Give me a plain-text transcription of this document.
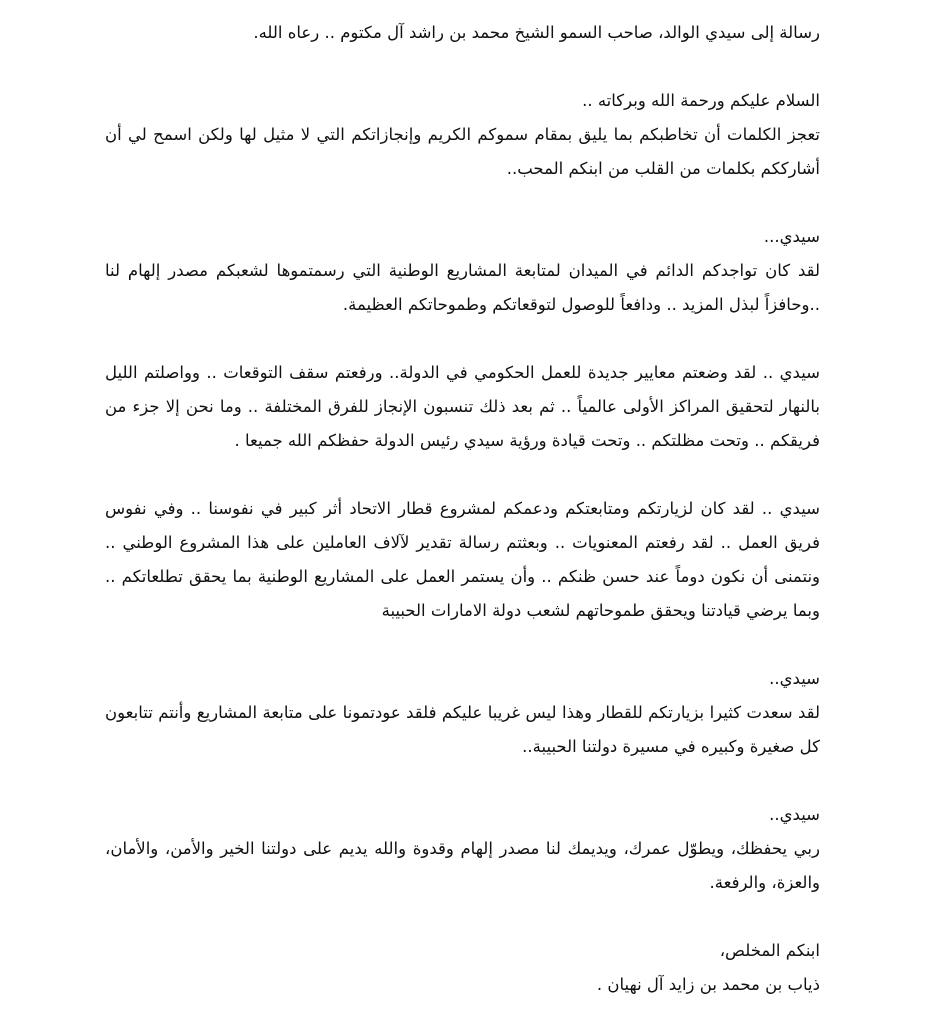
رسالة إلى سيدي الوالد، صاحب السمو الشيخ محمد بن راشد آل مكتوم .. رعاه الله.

السلام عليكم ورحمة الله وبركاته ..

تعجز الكلمات أن تخاطبكم بما يليق بمقام سموكم الكريم وإنجازاتكم التي لا مثيل لها ولكن اسمح لي أن أشارككم بكلمات من القلب من ابنكم المحب..

سيدي...

لقد كان تواجدكم الدائم في الميدان لمتابعة المشاريع الوطنية التي رسمتموها لشعبكم مصدر إلهام لنا ..وحافزاً لبذل المزيد .. ودافعاً للوصول لتوقعاتكم وطموحاتكم العظيمة.

سيدي .. لقد وضعتم معايير جديدة للعمل الحكومي في الدولة.. ورفعتم سقف التوقعات .. وواصلتم الليل بالنهار لتحقيق المراكز الأولى عالمياً .. ثم بعد ذلك تنسبون الإنجاز للفرق المختلفة .. وما نحن إلا جزء من فريقكم .. وتحت مظلتكم .. وتحت قيادة ورؤية سيدي رئيس الدولة حفظكم الله جميعا .

سيدي .. لقد كان لزيارتكم ومتابعتكم ودعمكم لمشروع قطار الاتحاد أثر كبير في نفوسنا .. وفي نفوس فريق العمل .. لقد رفعتم المعنويات .. وبعثتم رسالة تقدير لآلاف العاملين على هذا المشروع الوطني .. ونتمنى أن نكون دوماً عند حسن ظنكم .. وأن يستمر العمل على المشاريع الوطنية بما يحقق تطلعاتكم .. وبما يرضي قيادتنا ويحقق طموحاتهم لشعب دولة الامارات الحبيبة

سيدي..

لقد سعدت كثيرا بزيارتكم للقطار وهذا ليس غريبا عليكم فلقد عودتمونا على متابعة المشاريع وأنتم تتابعون كل صغيرة وكبيره في مسيرة دولتنا الحبيبة..

سيدي..

ربي يحفظك، ويطوّل عمرك، ويديمك لنا مصدر إلهام وقدوة والله يديم على دولتنا الخير والأمن، والأمان، والعزة، والرفعة.

ابنكم المخلص،

ذياب بن محمد بن زايد آل نهيان .
